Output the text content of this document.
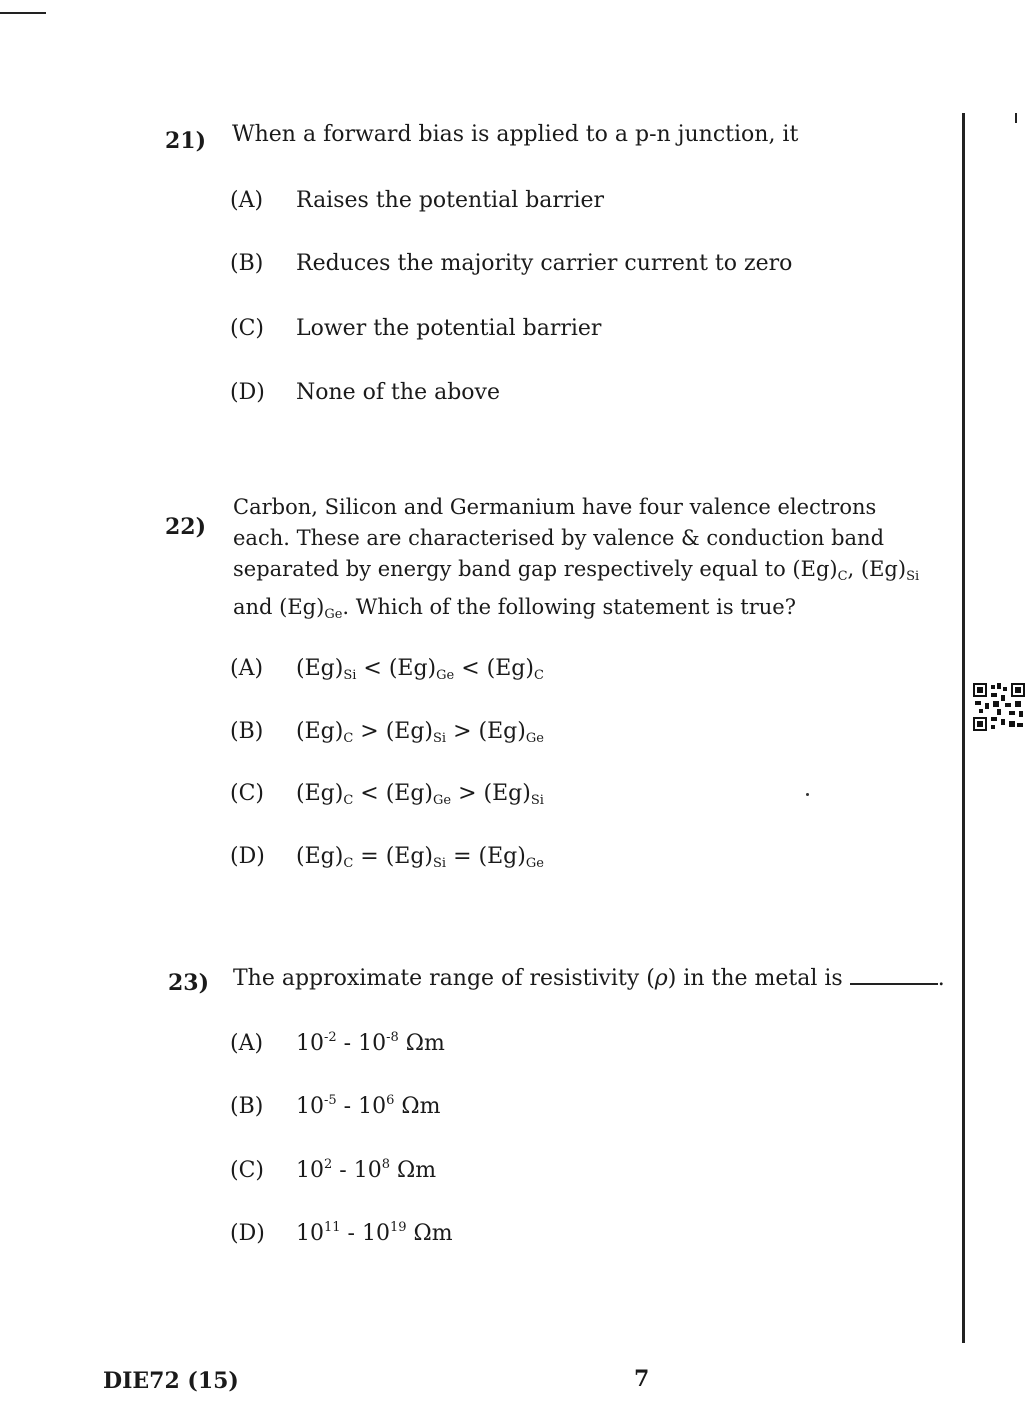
21) When a forward bias is applied to a p-n junction, it
(A) Raises the potential barrier
(B) Reduces the majority carrier current to zero
(C) Lower the potential barrier
(D) None of the above
22)
Carbon, Silicon and Germanium have four valence electrons
each. These are characterised by valence & conduction band
separated by energy band gap respectively equal to $(Eg)_C$, $(Eg)_{Si}$
and $(Eg)_{Ge}$. Which of the following statement is true?
(A) $(Eg)_{Si} < (Eg)_{Ge} < (Eg)_C$
(B) $(Eg)_C > (Eg)_{Si} > (Eg)_{Ge}$
(C) $(Eg)_C < (Eg)_{Ge} > (Eg)_{Si}$
(D) $(Eg)_C = (Eg)_{Si} = (Eg)_{Ge}$
23) The approximate range of resistivity (ρ) in the metal is	.
(A) $10^{-2} - 10^{-8}$ Ωm
(B) $10^{-5} - 10^6$ Ωm
(C) $10^2 - 10^8$ Ωm
(D) $10^{11} - 10^{19}$ Ωm
DIE72 (15)	7
